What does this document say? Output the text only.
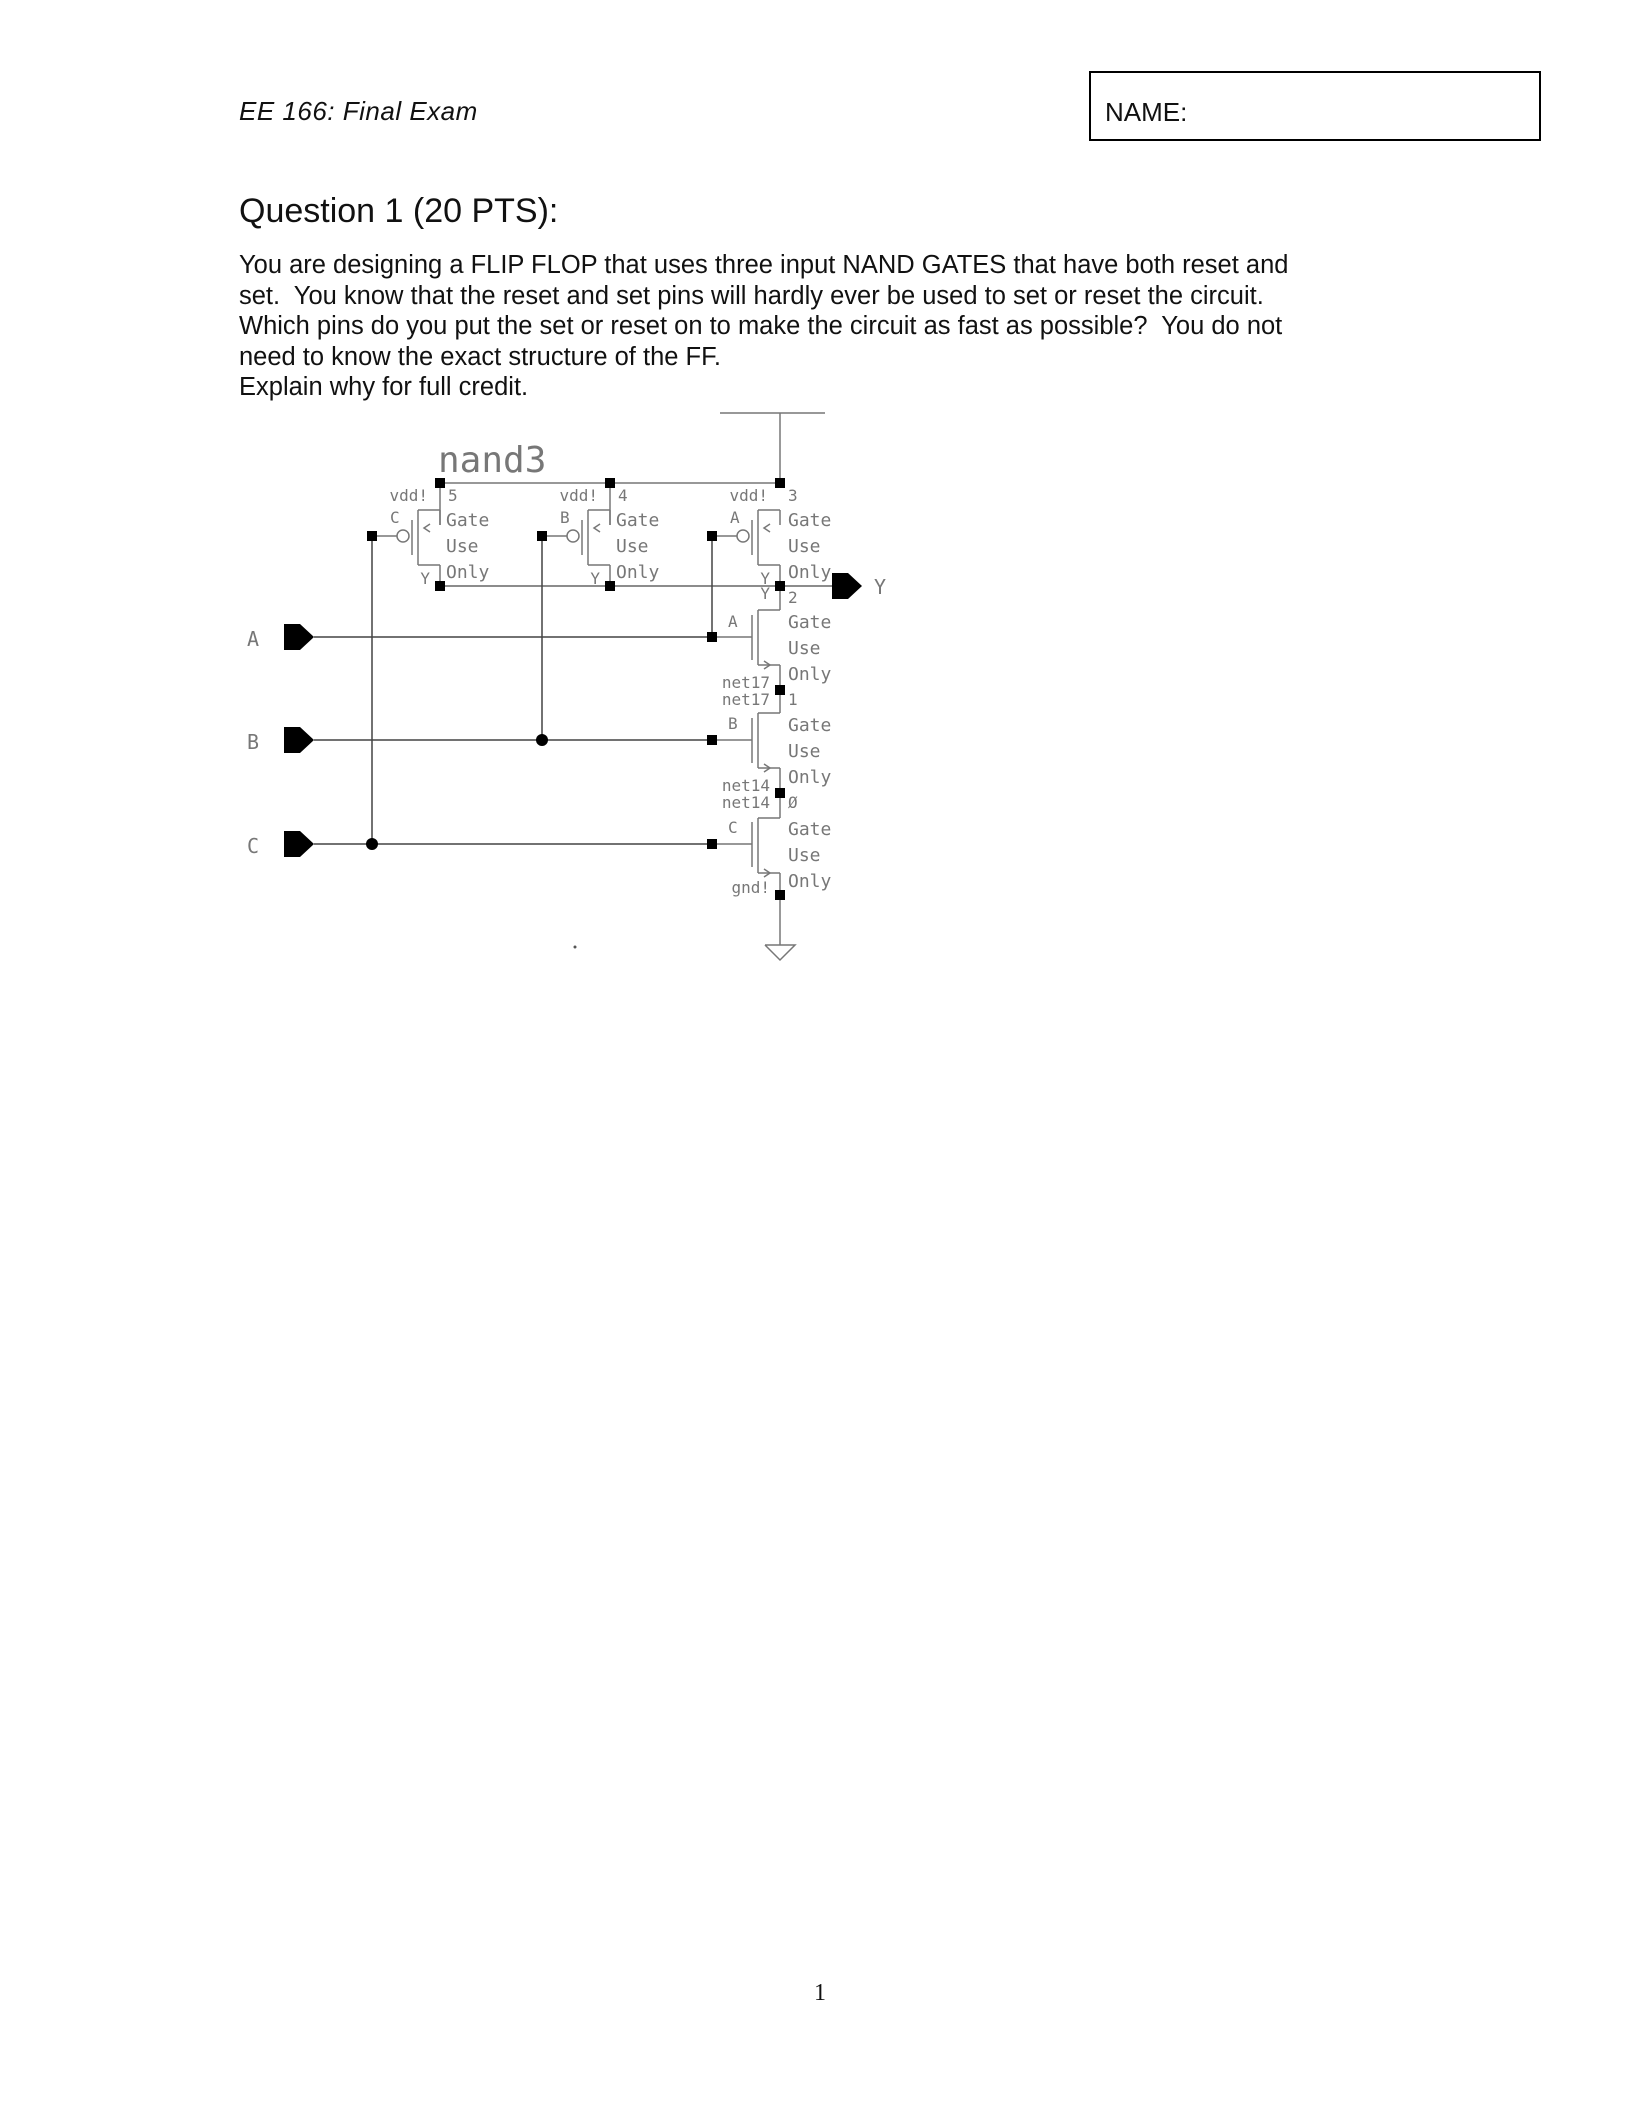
EE 166: Final Exam	NAME:
Question 1 (20 PTS):
You are designing a FLIP FLOP that uses three input NAND GATES that have both reset and
set.  You know that the reset and set pins will hardly ever be used to set or reset the circuit.
Which pins do you put the set or reset on to make the circuit as fast as possible?  You do not
need to know the exact structure of the FF.
Explain why for full credit.
nand3
A
B
C
Y
vdd! 5
C
Y
Gate
Use
Only
vdd! 4
B
Y
Gate
Use
Only
vdd! 3
A
Y
Gate
Use
Only
Y 2
A
net17
Gate
Use
Only
net17 1
B
net14
Gate
Use
Only
net14 Ø
C
gnd!
Gate
Use
Only
1
